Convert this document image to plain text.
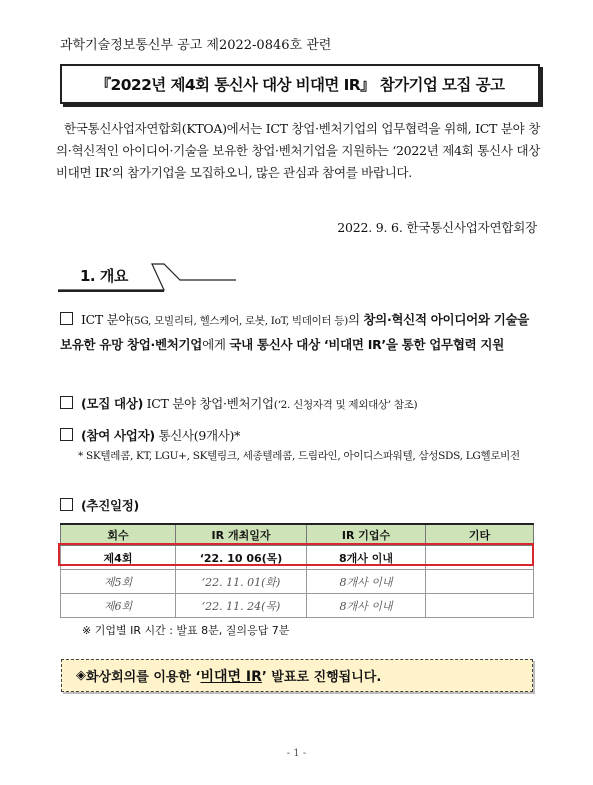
과학기술정보통신부 공고 제2022-0846호 관련
『2022년 제4회 통신사 대상 비대면 IR』 참가기업 모집 공고

한국통신사업자연합회(KTOA)에서는 ICT 창업·벤처기업의 업무협력을 위해, ICT 분야 창의·혁신적인 아이디어·기술을 보유한 창업·벤처기업을 지원하는 ‘2022년 제4회 통신사 대상 비대면 IR’의 참가기업을 모집하오니, 많은 관심과 참여를 바랍니다.

2022. 9. 6. 한국통신사업자연합회장
1. 개요
ICT 분야(5G, 모빌리티, 헬스케어, 로봇, IoT, 빅데이터 등)의 창의·혁신적 아이디어와 기술을 보유한 유망 창업·벤처기업에게 국내 통신사 대상 ‘비대면 IR’을 통한 업무협력 지원
(모집 대상) ICT 분야 창업·벤처기업(‘2. 신청자격 및 제외대상’ 참조)
(참여 사업자) 통신사(9개사)*
* SK텔레콤, KT, LGU+, SK텔링크, 세종텔레콤, 드림라인, 아이디스파워텔, 삼성SDS, LG헬로비전
(추진일정)
회수	IR 개최일자	IR 기업수	기타
제4회	‘22. 10 06(목)	8개사 이내	
제5회	‘22. 11. 01(화)	8개사 이내	
제6회	‘22. 11. 24(목)	8개사 이내	
※ 기업별 IR 시간 : 발표 8분, 질의응답 7분
◈ 화상회의를 이용한 ‘ 비대면 IR ’ 발표로 진행됩니다.
- 1 -
